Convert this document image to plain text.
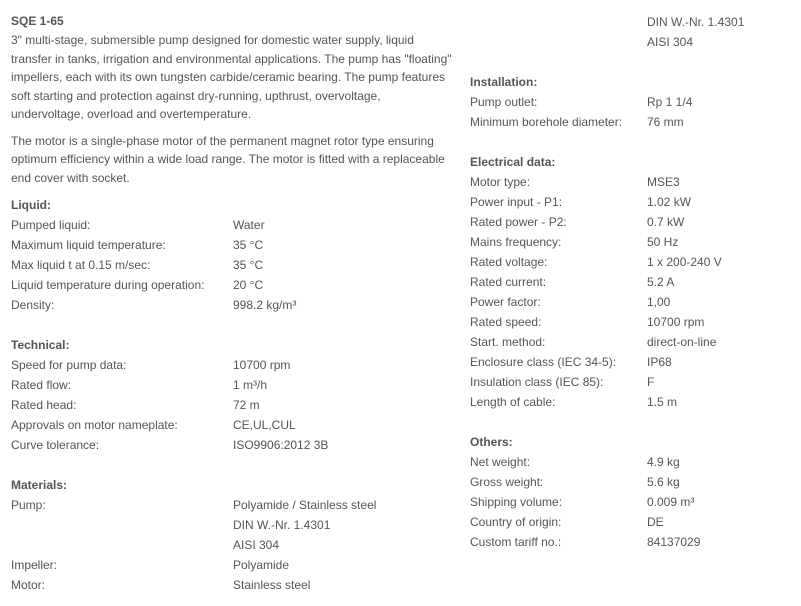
SQE 1-65

3" multi-stage, submersible pump designed for domestic water supply, liquid transfer in tanks, irrigation and environmental applications. The pump has "floating" impellers, each with its own tungsten carbide/ceramic bearing. The pump features soft starting and protection against dry-running, upthrust, overvoltage, undervoltage, overload and overtemperature.

The motor is a single-phase motor of the permanent magnet rotor type ensuring optimum efficiency within a wide load range. The motor is fitted with a replaceable end cover with socket.

Liquid:
Pumped liquid:	Water
Maximum liquid temperature:	35 °C
Max liquid t at 0.15 m/sec:	35 °C
Liquid temperature during operation:	20 °C
Density:	998.2 kg/m³
Technical:
Speed for pump data:	10700 rpm
Rated flow:	1 m³/h
Rated head:	72 m
Approvals on motor nameplate:	CE,UL,CUL
Curve tolerance:	ISO9906:2012 3B
Materials:
Pump:	Polyamide / Stainless steel
DIN W.-Nr. 1.4301
AISI 304
Impeller:	Polyamide
Motor:	Stainless steel
DIN W.-Nr. 1.4301
AISI 304
Installation:
Pump outlet:	Rp 1 1/4
Minimum borehole diameter:	76 mm
Electrical data:
Motor type:	MSE3
Power input - P1:	1.02 kW
Rated power - P2:	0.7 kW
Mains frequency:	50 Hz
Rated voltage:	1 x 200-240 V
Rated current:	5.2 A
Power factor:	1,00
Rated speed:	10700 rpm
Start. method:	direct-on-line
Enclosure class (IEC 34-5):	IP68
Insulation class (IEC 85):	F
Length of cable:	1.5 m
Others:
Net weight:	4.9 kg
Gross weight:	5.6 kg
Shipping volume:	0.009 m³
Country of origin:	DE
Custom tariff no.:	84137029
